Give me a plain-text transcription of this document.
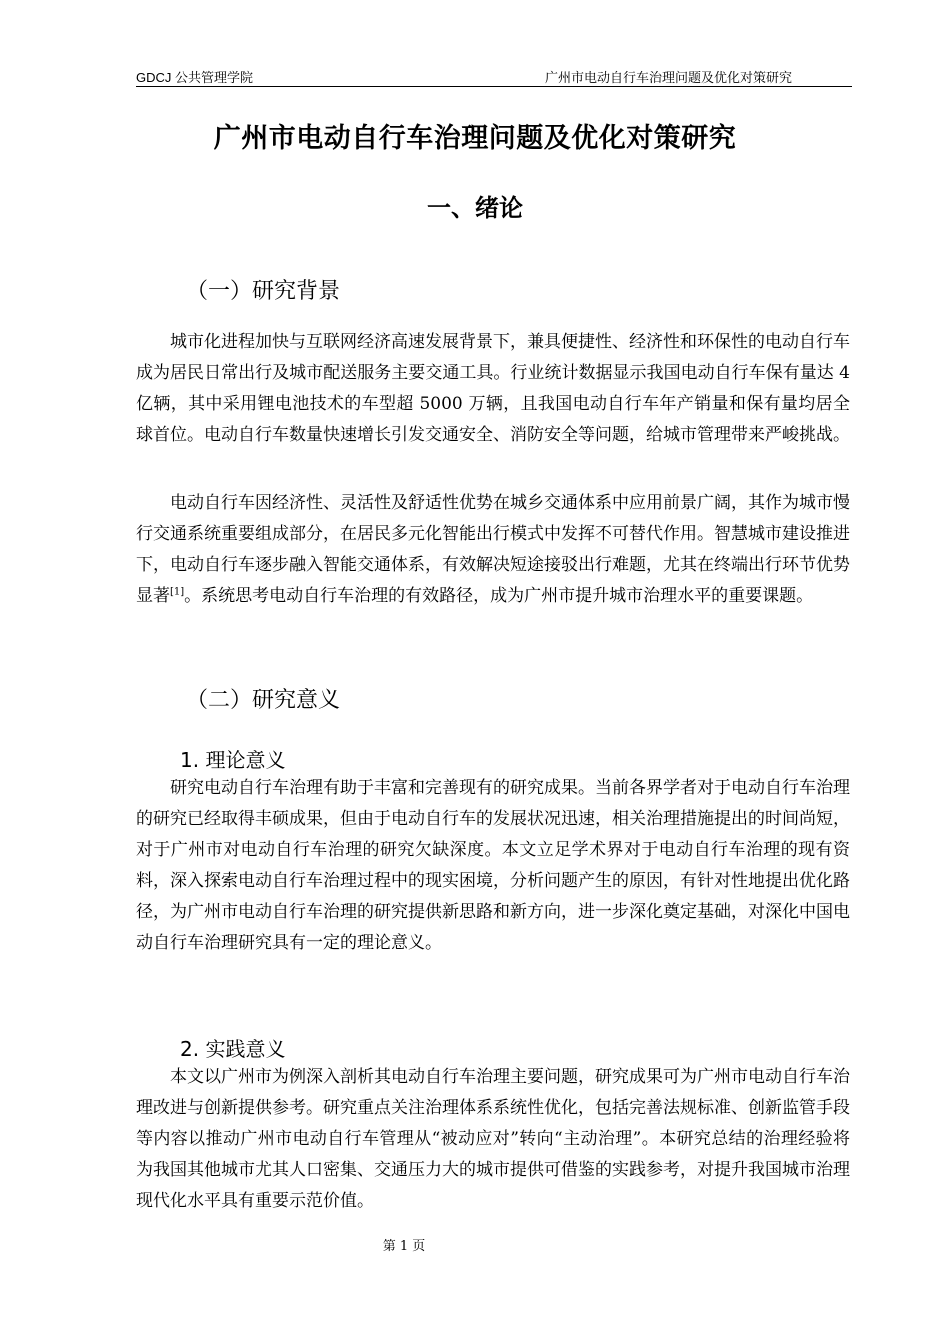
GDCJ 公共管理学院	广州市电动自行车治理问题及优化对策研究
广州市电动自行车治理问题及优化对策研究
一、绪论
（一）研究背景

城市化进程加快与互联网经济高速发展背景下，兼具便捷性、经济性和环保性的电动自行车成为居民日常出行及城市配送服务主要交通工具。行业统计数据显示我国电动自行车保有量达 4 亿辆，其中采用锂电池技术的车型超 5000 万辆，且我国电动自行车年产销量和保有量均居全球首位。电动自行车数量快速增长引发交通安全、消防安全等问题，给城市管理带来严峻挑战。

电动自行车因经济性、灵活性及舒适性优势在城乡交通体系中应用前景广阔，其作为城市慢行交通系统重要组成部分，在居民多元化智能出行模式中发挥不可替代作用。智慧城市建设推进下，电动自行车逐步融入智能交通体系，有效解决短途接驳出行难题，尤其在终端出行环节优势显著[1]。系统思考电动自行车治理的有效路径，成为广州市提升城市治理水平的重要课题。

（二）研究意义
1. 理论意义

研究电动自行车治理有助于丰富和完善现有的研究成果。当前各界学者对于电动自行车治理的研究已经取得丰硕成果，但由于电动自行车的发展状况迅速，相关治理措施提出的时间尚短，对于广州市对电动自行车治理的研究欠缺深度。本文立足学术界对于电动自行车治理的现有资料，深入探索电动自行车治理过程中的现实困境，分析问题产生的原因，有针对性地提出优化路径，为广州市电动自行车治理的研究提供新思路和新方向，进一步深化奠定基础，对深化中国电动自行车治理研究具有一定的理论意义。

2. 实践意义

本文以广州市为例深入剖析其电动自行车治理主要问题，研究成果可为广州市电动自行车治理改进与创新提供参考。研究重点关注治理体系系统性优化，包括完善法规标准、创新监管手段等内容以推动广州市电动自行车管理从“被动应对”转向“主动治理”。本研究总结的治理经验将为我国其他城市尤其人口密集、交通压力大的城市提供可借鉴的实践参考，对提升我国城市治理现代化水平具有重要示范价值。

第 1 页
